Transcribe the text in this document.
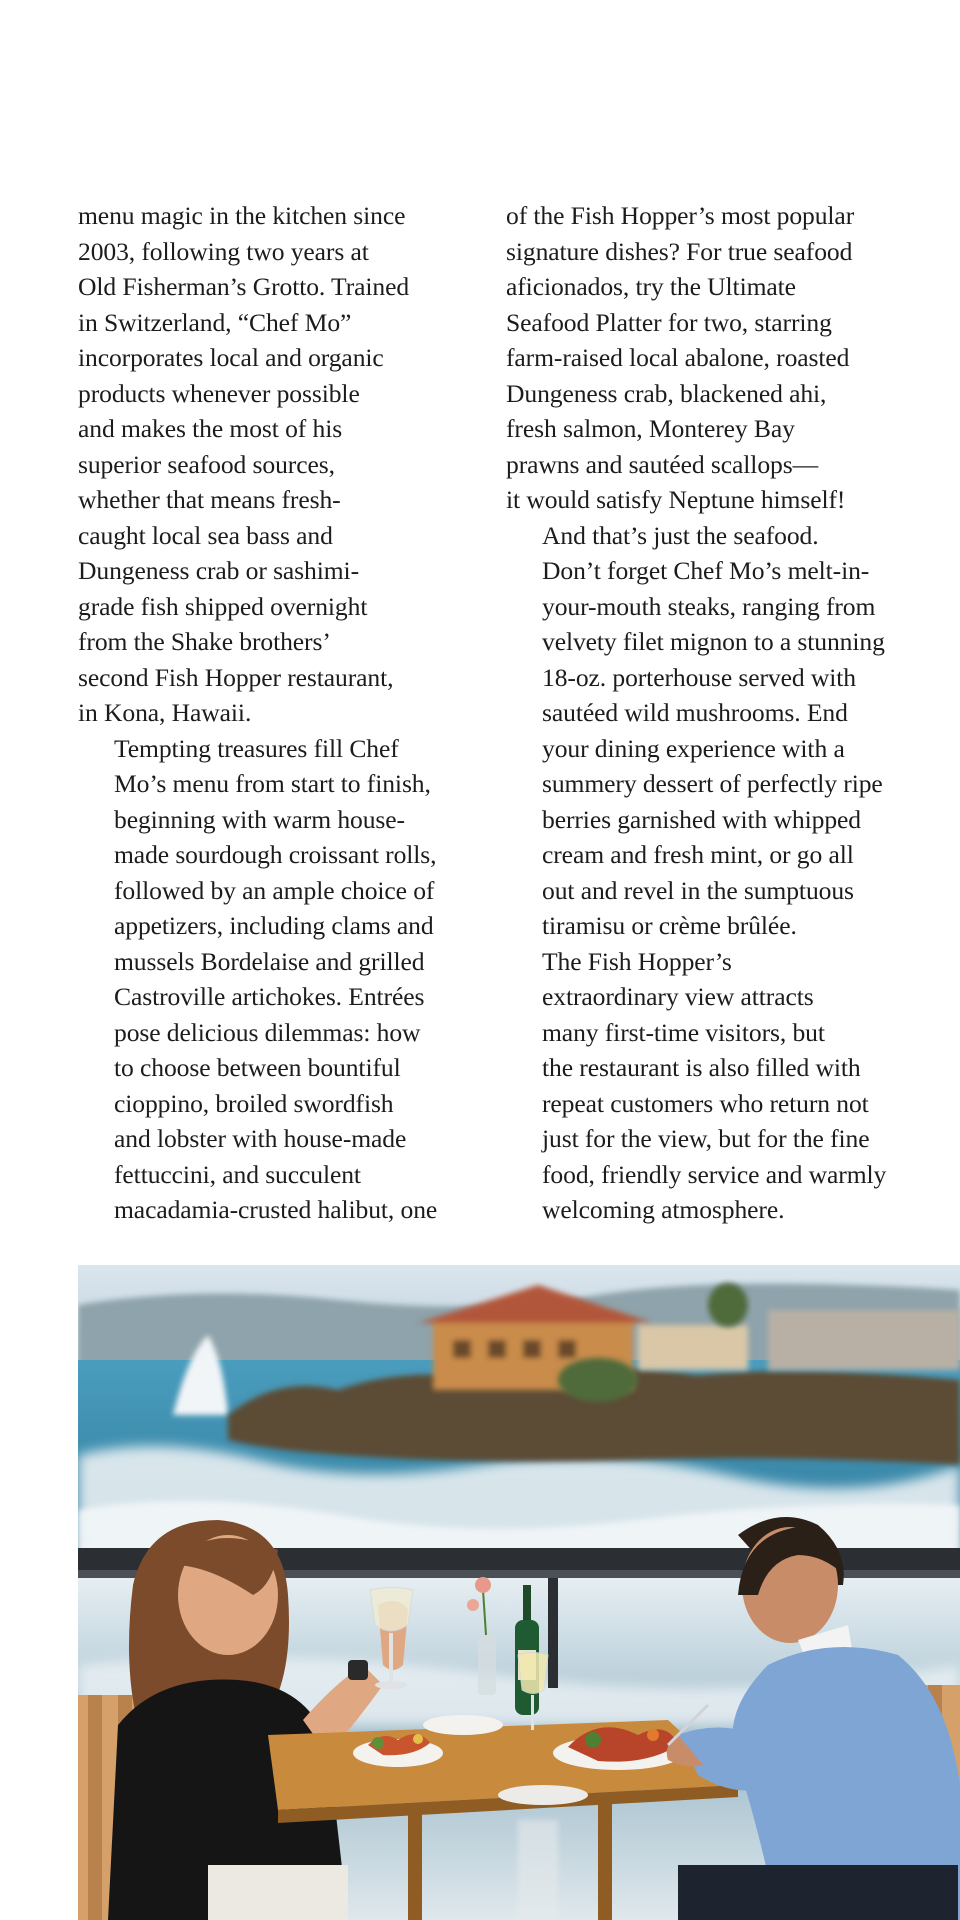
menu magic in the kitchen since
2003, following two years at
Old Fisherman’s Grotto. Trained
in Switzerland, “Chef Mo”
incorporates local and organic
products whenever possible
and makes the most of his
superior seafood sources,
whether that means fresh-
caught local sea bass and
Dungeness crab or sashimi-
grade fish shipped overnight
from the Shake brothers’
second Fish Hopper restaurant,
in Kona, Hawaii.

Tempting treasures fill Chef
Mo’s menu from start to finish,
beginning with warm house-
made sourdough croissant rolls,
followed by an ample choice of
appetizers, including clams and
mussels Bordelaise and grilled
Castroville artichokes. Entrées
pose delicious dilemmas: how
to choose between bountiful
cioppino, broiled swordfish
and lobster with house-made
fettuccini, and succulent
macadamia-crusted halibut, one

of the Fish Hopper’s most popular
signature dishes? For true seafood
aficionados, try the Ultimate
Seafood Platter for two, starring
farm-raised local abalone, roasted
Dungeness crab, blackened ahi,
fresh salmon, Monterey Bay
prawns and sautéed scallops—
it would satisfy Neptune himself!

And that’s just the seafood.
Don’t forget Chef Mo’s melt-in-
your-mouth steaks, ranging from
velvety filet mignon to a stunning
18-oz. porterhouse served with
sautéed wild mushrooms. End
your dining experience with a
summery dessert of perfectly ripe
berries garnished with whipped
cream and fresh mint, or go all
out and revel in the sumptuous
tiramisu or crème brûlée.

The Fish Hopper’s
extraordinary view attracts
many first-time visitors, but
the restaurant is also filled with
repeat customers who return not
just for the view, but for the fine
food, friendly service and warmly
welcoming atmosphere.
